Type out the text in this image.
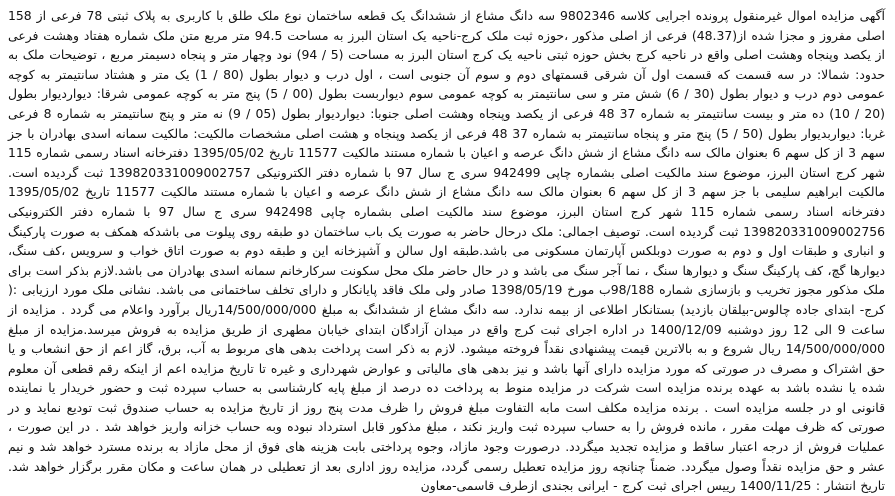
آگهی مزایده اموال غیرمنقول پرونده اجرایی کلاسه 9802346 سه دانگ مشاع از ششدانگ یک قطعه ساختمان نوع ملک طلق با کاربری به پلاک ثبتی 78 فرعی از 158 اصلی مفروز و مجزا شده از(48.37) فرعی از اصلی مذکور ،حوزه ثبت ملک کرج-ناحیه یک استان البرز به مساحت 94.5 متر مربع متن ملک شماره هفتاد وهشت فرعی از یکصد وپنجاه وهشت اصلی واقع در ناحیه کرج بخش حوزه ثبتی ناحیه یک کرج استان البرز به مساحت (5 / 94) نود وچهار متر و پنجاه دسیمتر مربع ، توضیحات ملک به حدود: شمالا: در سه قسمت که قسمت اول آن شرقی قسمتهای دوم و سوم آن جنوبی است ، اول درب و دیوار بطول (80 / 1) یک متر و هشتاد سانتیمتر به کوچه عمومی دوم درب و دیوار بطول (30 / 6) شش متر و سی سانتیمتر به کوچه عمومی سوم دیواربست بطول (00 / 5) پنج متر به کوچه عمومی شرقا: دیواردیوار بطول (20 / 10) ده متر و بیست سانتیمتر به شماره 37 48 فرعی از یکصد وپنجاه وهشت اصلی جنوبا: دیواردیوار بطول (05 / 9) نه متر و پنج سانتیمتر به شماره 8 فرعی غربا: دیواربدیوار بطول (50 / 5) پنج متر و پنجاه سانتیمتر به شماره 37 48 فرعی از یکصد وپنجاه و هشت اصلی مشخصات مالکیت: مالکیت سمانه اسدی بهادران با جز سهم 3 از کل سهم 6 بعنوان مالک سه دانگ مشاع از شش دانگ عرصه و اعیان با شماره مستند مالکیت 11577 تاریخ 1395/05/02 دفترخانه اسناد رسمی شماره 115 شهر کرج استان البرز، موضوع سند مالکیت اصلی بشماره چاپی 942499 سری ج سال 97 با شماره دفتر الکترونیکی 139820331009002757 ثبت گردیده است. مالکیت ابراهیم سلیمی با جز سهم 3 از کل سهم 6 بعنوان مالک سه دانگ مشاع از شش دانگ عرصه و اعیان با شماره مستند مالکیت 11577 تاریخ 1395/05/02 دفترخانه اسناد رسمی شماره 115 شهر کرج استان البرز، موضوع سند مالکیت اصلی بشماره چاپی 942498 سری ج سال 97 با شماره دفتر الکترونیکی 139820331009002756 ثبت گردیده است. توصیف اجمالی: ملک درحال حاضر به صورت یک باب ساختمان دو طبقه روی پیلوت می باشدکه همکف به صورت پارکینگ و انباری و طبقات اول و دوم به صورت دوبلکس آپارتمان مسکونی می باشد.طبقه اول سالن و آشپزخانه این و طبقه دوم به صورت اتاق خواب و سرویس ،کف سنگ، دیوارها گچ، کف پارکینگ سنگ و دیوارها سنگ ، نما آجر سنگ می باشد و در حال حاضر ملک محل سکونت سرکارخانم سمانه اسدی بهادران می باشد.لازم بذکر است برای ملک مذکور مجوز تخریب و بازسازی شماره 98/188ب مورخ 1398/05/19 صادر ولی ملک فاقد پایانکار و دارای تخلف ساختمانی می باشد. نشانی ملک مورد ارزیابی :( کرج- ابتدای جاده چالوس-بیلقان بازدید) بستانکار اطلاعی از بیمه ندارد. سه دانگ مشاع از ششدانگ به مبلغ 14/500/000/000ریال برآورد واعلام می گردد . مزایده از ساعت 9 الی 12 روز دوشنبه 1400/12/09 در اداره اجرای ثبت کرج واقع در میدان آزادگان ابتدای خیابان مطهری از طریق مزایده به فروش میرسد.مزایده از مبلغ 14/500/000/000 ریال شروع و به بالاترین قیمت پیشنهادی نقداً فروخته میشود. لازم به ذکر است پرداخت بدهی های مربوط به آب، برق، گاز اعم از حق انشعاب و یا حق اشتراک و مصرف در صورتی که مورد مزایده دارای آنها باشد و نیز بدهی های مالیاتی و عوارض شهرداری و غیره تا تاریخ مزایده اعم از اینکه رقم قطعی آن معلوم شده یا نشده باشد به عهده برنده مزایده است شرکت در مزایده منوط به پرداخت ده درصد از مبلغ پایه کارشناسی به حساب سپرده ثبت و حضور خریدار یا نماینده قانونی او در جلسه مزایده است . برنده مزایده مکلف است مابه التفاوت مبلغ فروش را ظرف مدت پنج روز از تاریخ مزایده به حساب صندوق ثبت تودیع نماید و در صورتی که ظرف مهلت مقرر ، مانده فروش را به حساب سپرده ثبت واریز نکند ، مبلغ مذکور قابل استرداد نبوده وبه حساب خزانه واریز خواهد شد . در این صورت ، عملیات فروش از درجه اعتبار ساقط و مزایده تجدید میگردد. درصورت وجود مازاد، وجوه پرداختی بابت هزینه های فوق از محل مازاد به برنده مسترد خواهد شد و نیم عشر و حق مزایده نقداً وصول میگردد. ضمناً چنانچه روز مزایده تعطیل رسمی گردد، مزایده روز اداری بعد از تعطیلی در همان ساعت و مکان مقرر برگزار خواهد شد. تاریخ انتشار : 1400/11/25 رییس اجرای ثبت کرج - ایرانی بجندی ازطرف قاسمی-معاون
